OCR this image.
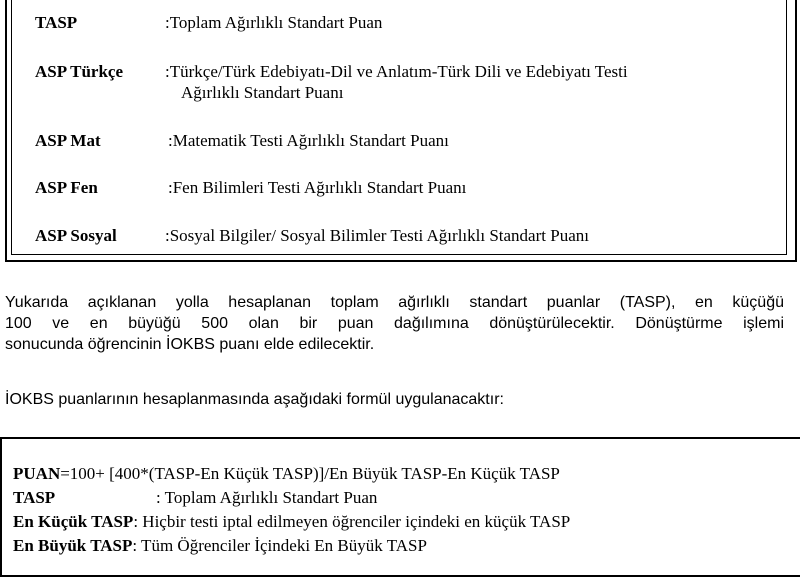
TASP	:Toplam Ağırlıklı Standart Puan
ASP Türkçe :Türkçe/Türk Edebiyatı-Dil ve Anlatım-Türk Dili ve Edebiyatı Testi
Ağırlıklı Standart Puanı
ASP Mat	:Matematik Testi Ağırlıklı Standart Puanı
ASP Fen	:Fen Bilimleri Testi Ağırlıklı Standart Puanı
ASP Sosyal	:Sosyal Bilgiler/ Sosyal Bilimler Testi Ağırlıklı Standart Puanı
Yukarıda açıklanan yolla hesaplanan toplam ağırlıklı standart puanlar (TASP), en küçüğü
100 ve en büyüğü 500 olan bir puan dağılımına dönüştürülecektir. Dönüştürme işlemi
sonucunda öğrencinin İOKBS puanı elde edilecektir.
İOKBS puanlarının hesaplanmasında aşağıdaki formül uygulanacaktır:
PUAN=100+ [400*(TASP-En Küçük TASP)]/En Büyük TASP-En Küçük TASP
TASP	: Toplam Ağırlıklı Standart Puan
En Küçük TASP: Hiçbir testi iptal edilmeyen öğrenciler içindeki en küçük TASP
En Büyük TASP: Tüm Öğrenciler İçindeki En Büyük TASP
